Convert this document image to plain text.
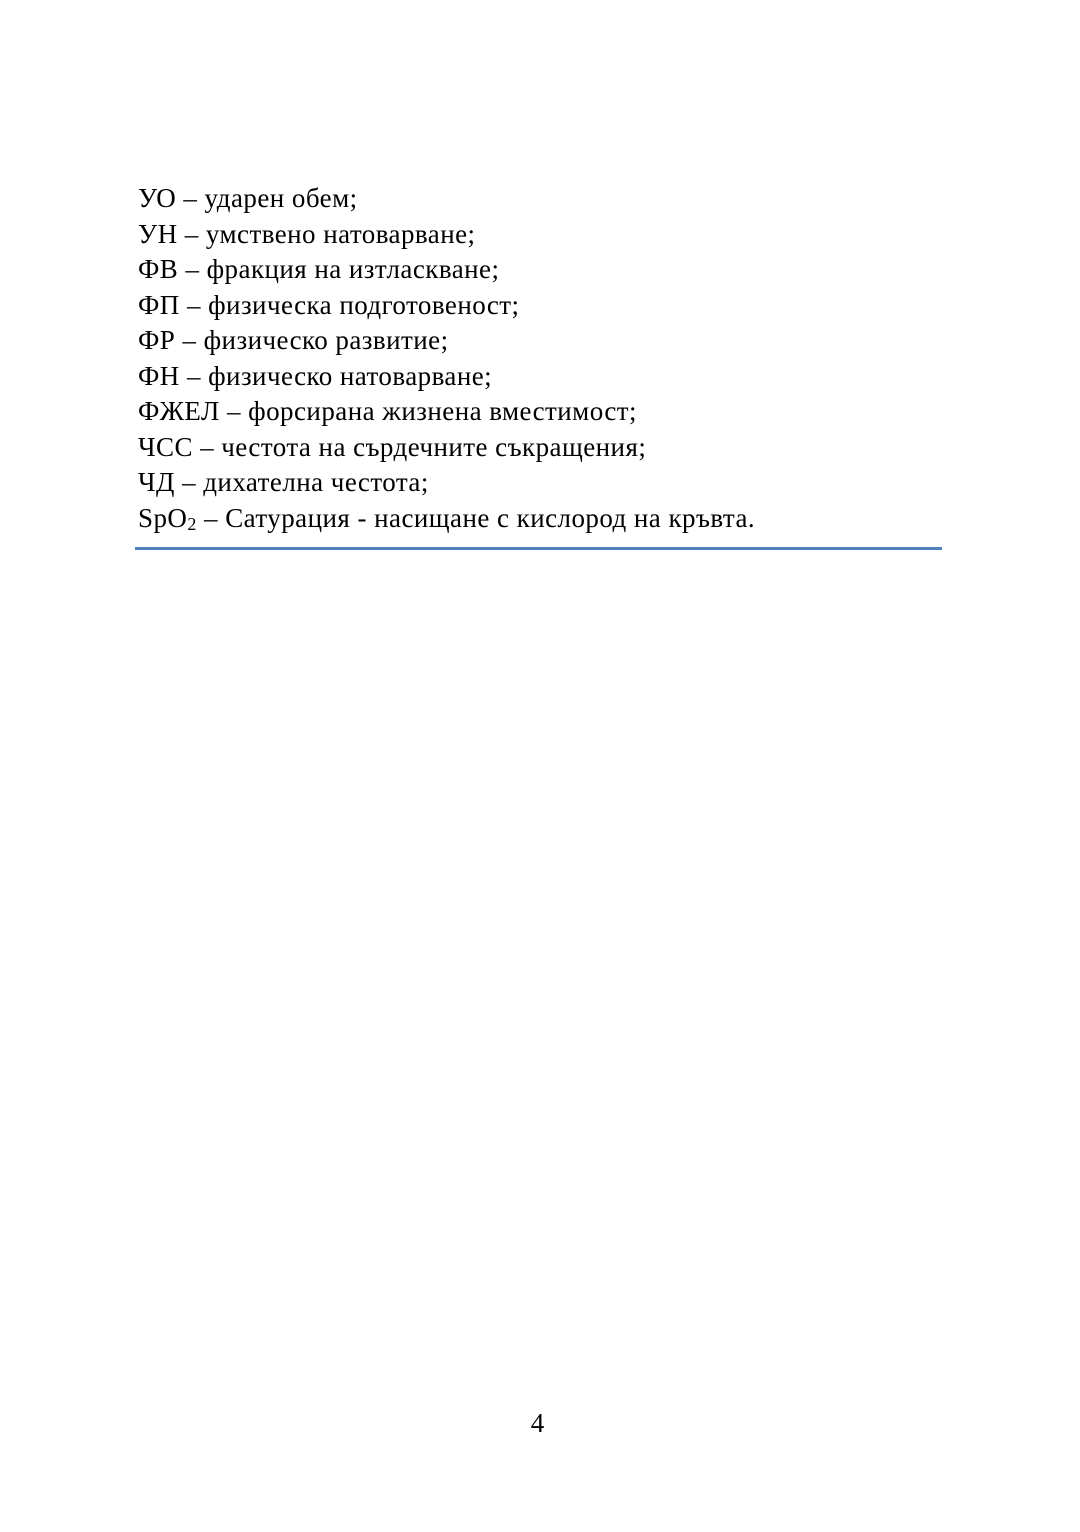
УО – ударен обем;
УН – умствено натоварване;
ФВ – фракция на изтласкване;
ФП – физическа подготовеност;
ФР – физическо развитие;
ФН – физическо натоварване;
ФЖЕЛ – форсирана жизнена вместимост;
ЧСС – честота на сърдечните съкращения;
ЧД – дихателна честота;
SpO2 – Сатурация - насищане с кислород на кръвта.
4
